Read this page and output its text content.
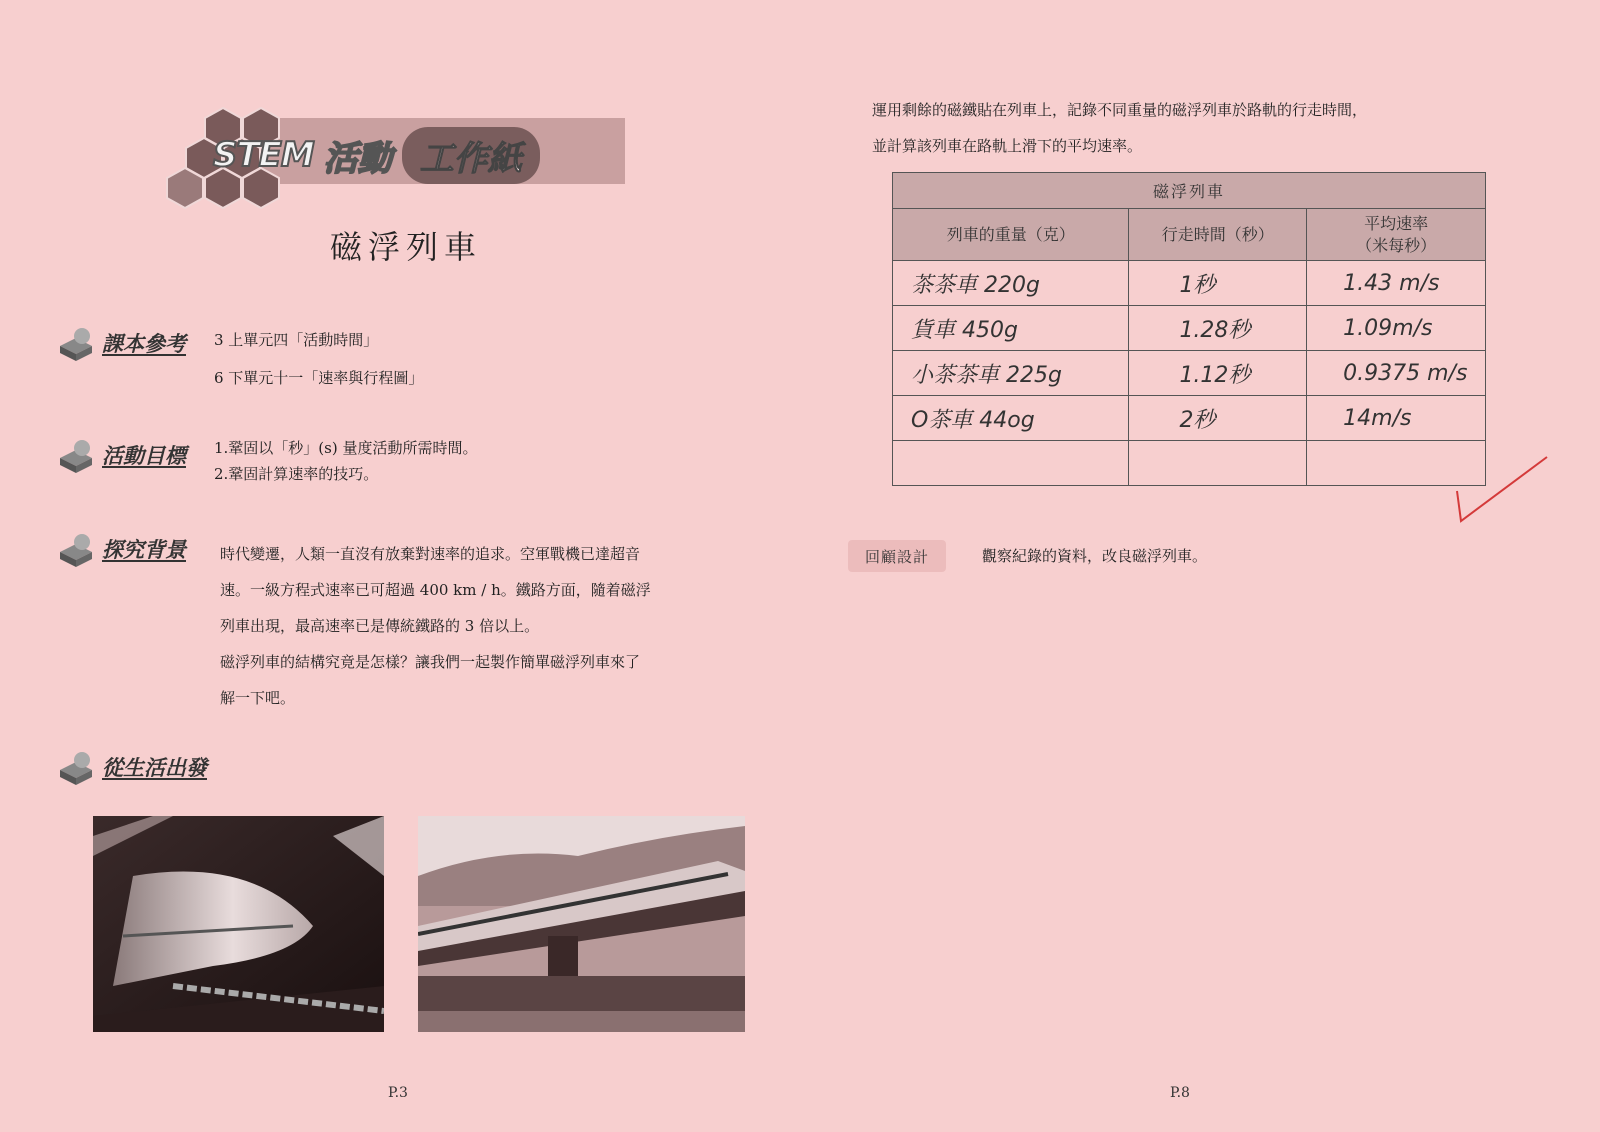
STEM 活動 工作紙
磁浮列車
課本參考 3 上單元四「活動時間」
6 下單元十一「速率與行程圖」
活動目標 1.鞏固以「秒」(s) 量度活動所需時間。
2.鞏固計算速率的技巧。
探究背景 時代變遷，人類一直沒有放棄對速率的追求。空軍戰機已達超音
速。一級方程式速率已可超過 400 km / h。鐵路方面，隨着磁浮
列車出現，最高速率已是傳統鐵路的 3 倍以上。
磁浮列車的結構究竟是怎樣？讓我們一起製作簡單磁浮列車來了
解一下吧。
從生活出發
P.3
運用剩餘的磁鐵貼在列車上，記錄不同重量的磁浮列車於路軌的行走時間，
並計算該列車在路軌上滑下的平均速率。
磁浮列車		
列車的重量（克）	行走時間（秒）	平均速率
（米每秒）

茶茶車 220g	1秒	1.43 m/s
貨車 450g	1.28秒	1.09m/s
小茶茶車 225g	1.12秒	0.9375 m/s
O茶車 44og	2秒	14m/s

回顧設計	觀察紀錄的資料，改良磁浮列車。
P.8
